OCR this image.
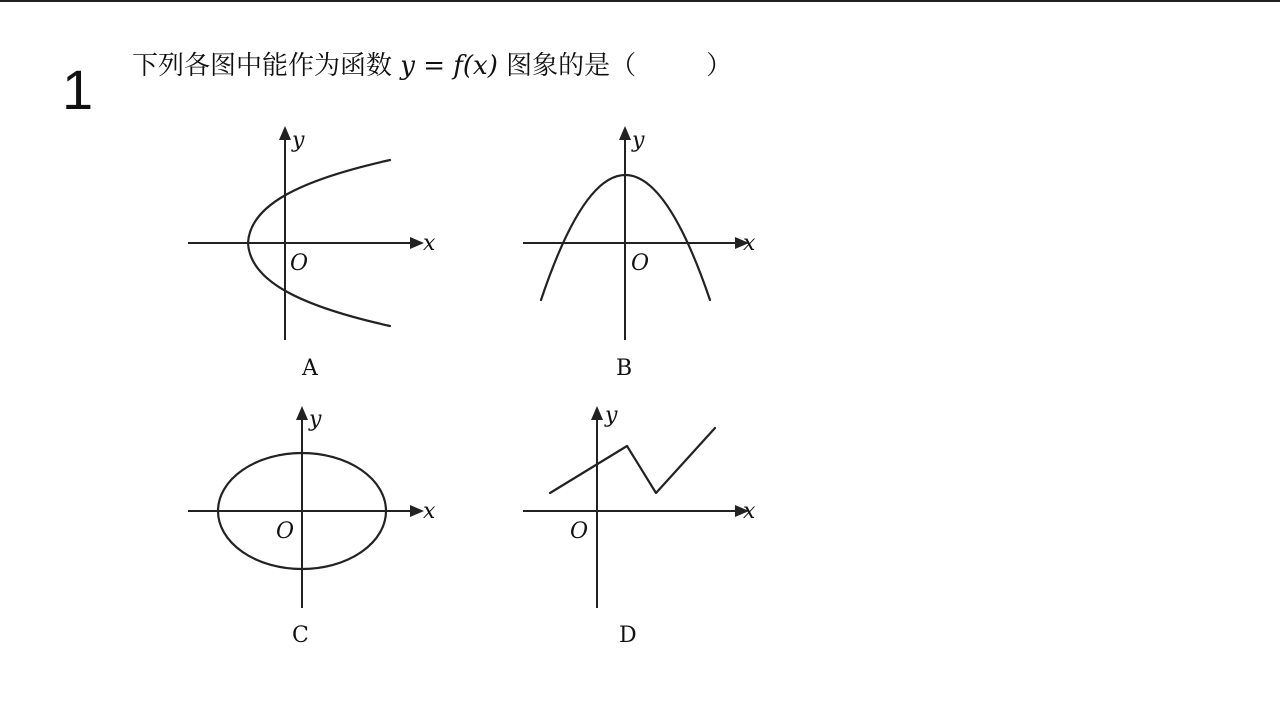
1 下列各图中能作为函数 y = f(x) 图象的是（	）
x
y
O
A
x
y
O
B
x
y
O
C
x
y
O
D
